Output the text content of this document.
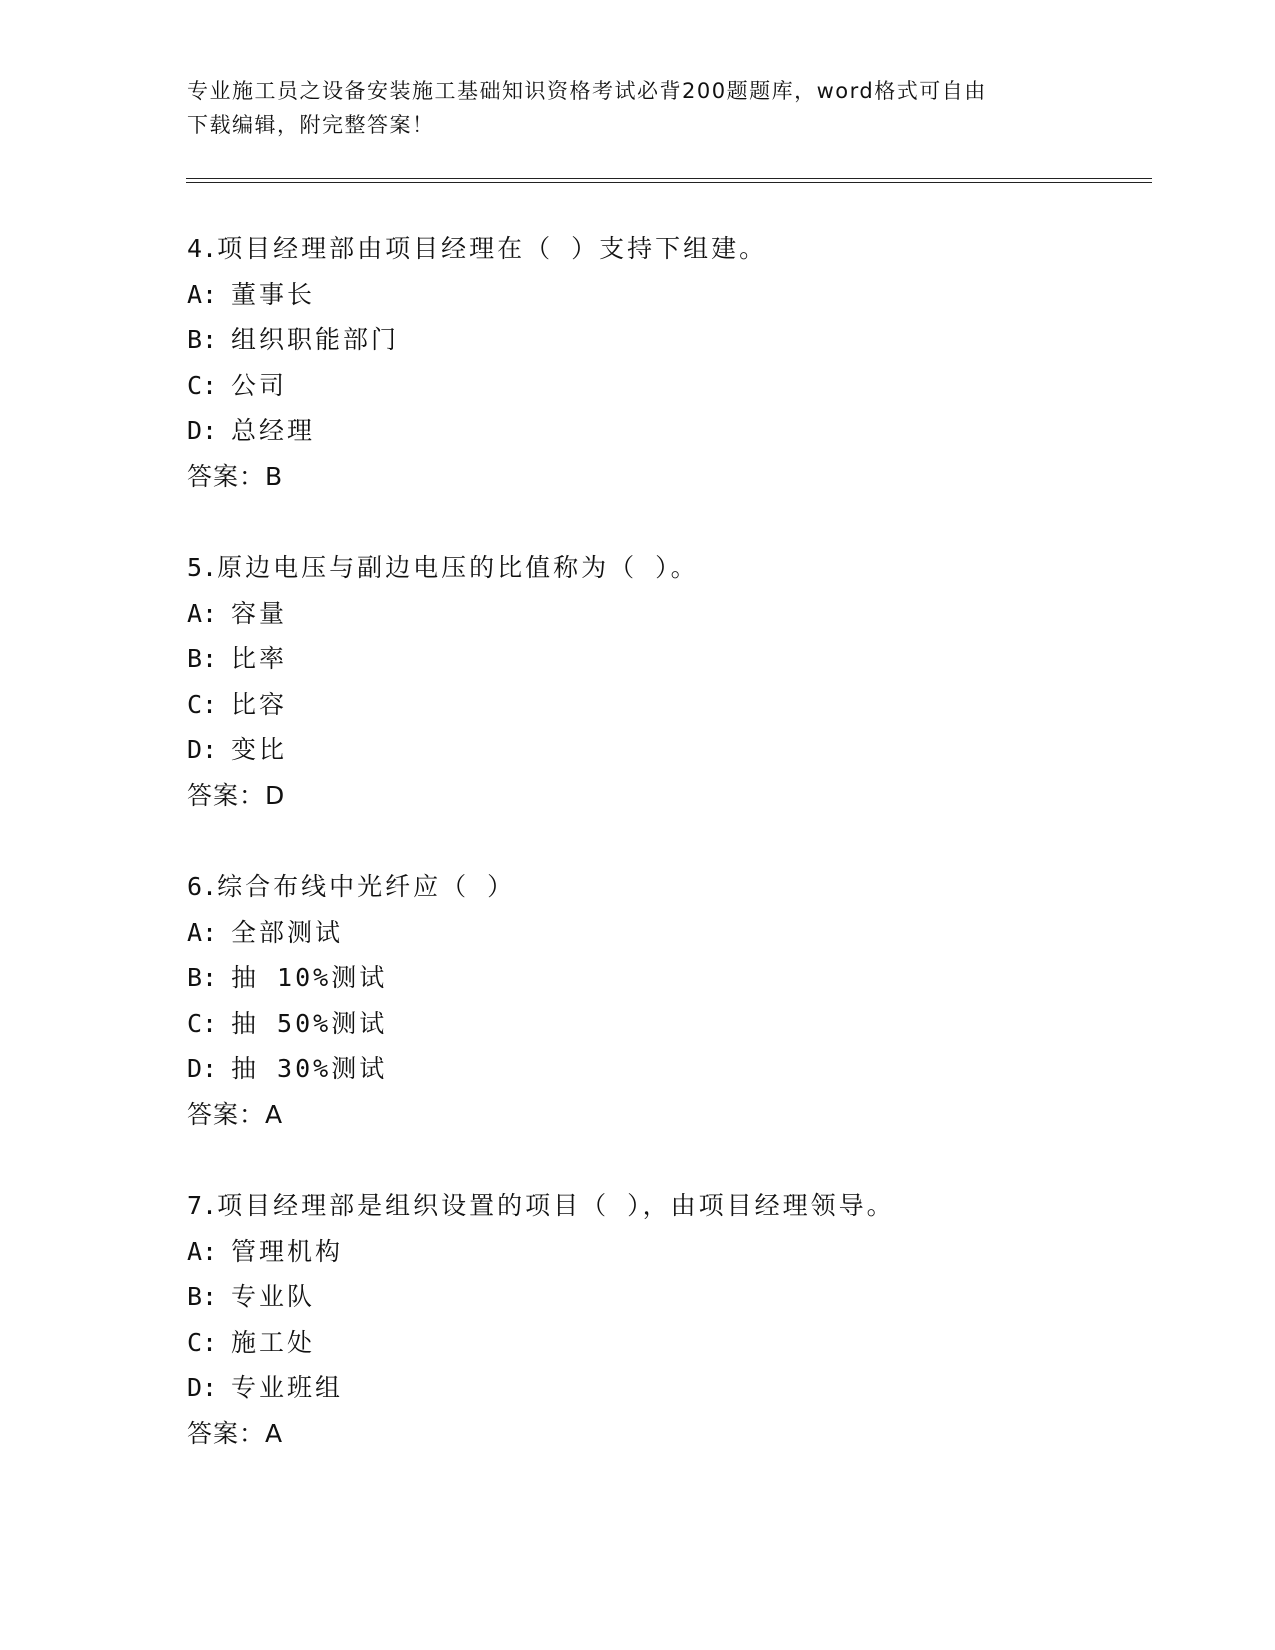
专业施工员之设备安装施工基础知识资格考试必背200题题库，word格式可自由
下载编辑，附完整答案！
4.项目经理部由项目经理在（ ）支持下组建。
A: 董事长
B: 组织职能部门
C: 公司
D: 总经理
答案：B
5.原边电压与副边电压的比值称为（ ）。
A: 容量
B: 比率
C: 比容
D: 变比
答案：D
6.综合布线中光纤应（ ）
A: 全部测试
B: 抽 10%测试
C: 抽 50%测试
D: 抽 30%测试
答案：A
7.项目经理部是组织设置的项目（ ），由项目经理领导。
A: 管理机构
B: 专业队
C: 施工处
D: 专业班组
答案：A
